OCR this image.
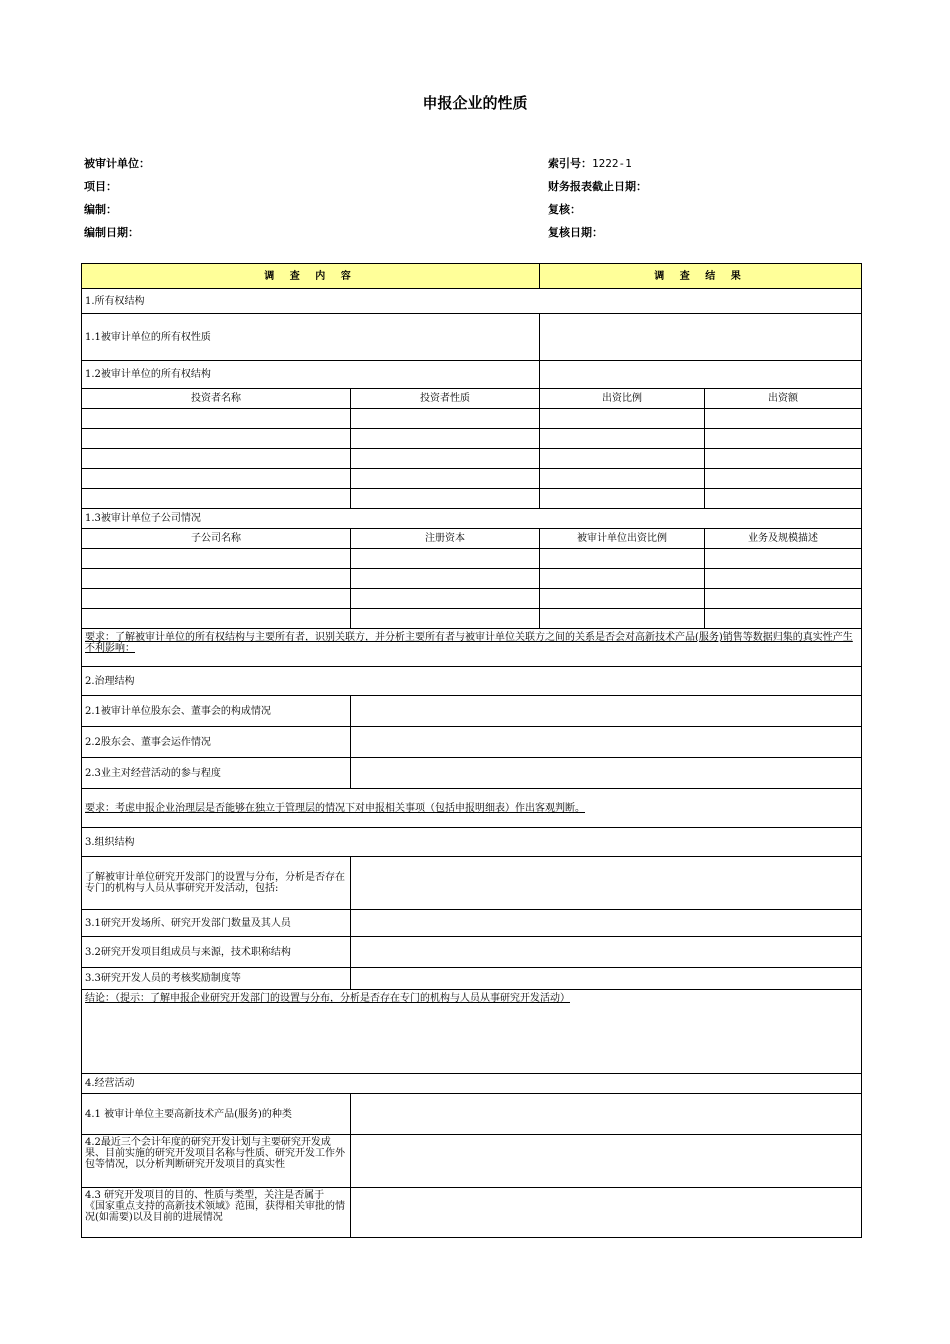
申报企业的性质
被审计单位：	索引号：1222-1
项目：	财务报表截止日期：
编制：	复核：
编制日期：	复核日期：
调 查 内 容		调 查 结 果	
1.所有权结构			
1.1被审计单位的所有权性质			
1.2被审计单位的所有权结构			
投资者名称	投资者性质	出资比例	出资额

1.3被审计单位子公司情况			
子公司名称	注册资本	被审计单位出资比例	业务及规模描述

要求：了解被审计单位的所有权结构与主要所有者，识别关联方，并分析主要所有者与被审计单位关联方之间的关系是否会对高新技术产品(服务)销售等数据归集的真实性产生不利影响：			
2.治理结构			
2.1被审计单位股东会、董事会的构成情况			
2.2股东会、董事会运作情况			
2.3业主对经营活动的参与程度			
要求：考虑申报企业治理层是否能够在独立于管理层的情况下对申报相关事项（包括申报明细表）作出客观判断。			
3.组织结构			
了解被审计单位研究开发部门的设置与分布，分析是否存在专门的机构与人员从事研究开发活动，包括:			
3.1研究开发场所、研究开发部门数量及其人员			
3.2研究开发项目组成员与来源，技术职称结构			
3.3研究开发人员的考核奖励制度等			
结论：（提示：了解申报企业研究开发部门的设置与分布，分析是否存在专门的机构与人员从事研究开发活动）			
4.经营活动			
4.1 被审计单位主要高新技术产品(服务)的种类			
4.2最近三个会计年度的研究开发计划与主要研究开发成果、目前实施的研究开发项目名称与性质、研究开发工作外包等情况，以分析判断研究开发项目的真实性			
4.3 研究开发项目的目的、性质与类型，关注是否属于　《国家重点支持的高新技术领域》范围，获得相关审批的情况(如需要)以及目前的进展情况			
